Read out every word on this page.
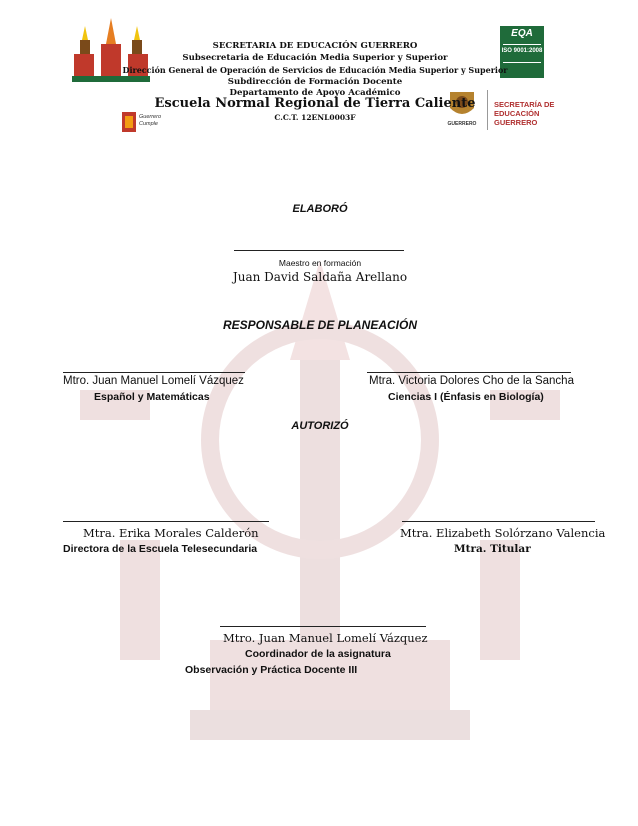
Guerrero Cumple
EQA
ISO 9001:2008
GUERRERO
SECRETARÍA DE
EDUCACIÓN GUERRERO
SECRETARIA DE EDUCACIÓN GUERRERO
Subsecretaria de Educación Media Superior y Superior
Dirección General de Operación de Servicios de Educación Media Superior y Superior
Subdirección de Formación Docente
Departamento de Apoyo Académico
Escuela Normal Regional de Tierra Caliente
C.C.T. 12ENL0003F
ELABORÓ
Maestro en formación
Juan David Saldaña Arellano
RESPONSABLE DE PLANEACIÓN
Mtro. Juan Manuel Lomelí Vázquez
Español y Matemáticas
Mtra. Victoria Dolores Cho de la Sancha
Ciencias I (Énfasis en Biología)
AUTORIZÓ
Mtra. Erika Morales Calderón
Directora de la Escuela Telesecundaria
Mtra. Elizabeth Solórzano Valencia
Mtra. Titular
Mtro. Juan Manuel Lomelí Vázquez
Coordinador de la asignatura
Observación y Práctica Docente III
